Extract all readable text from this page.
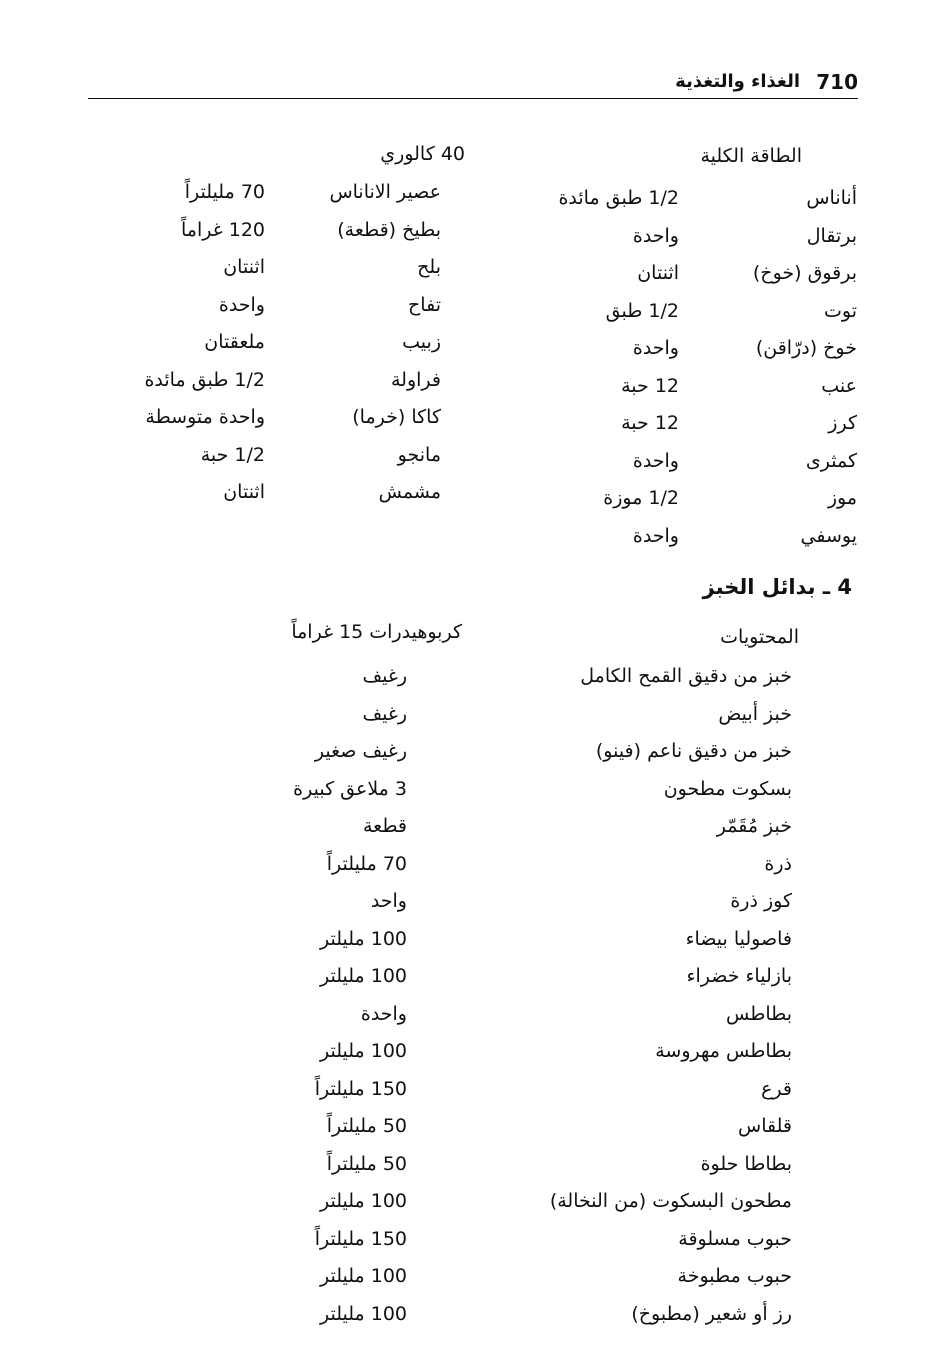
710
الغذاء والتغذية
الطاقة الكلية
40 كالوري
أناناس
1/2 طبق مائدة
برتقال
واحدة
برقوق (خوخ)
اثنتان
توت
1/2 طبق
خوخ (درّاقن)
واحدة
عنب
12 حبة
كرز
12 حبة
كمثرى
واحدة
موز
1/2 موزة
يوسفي
واحدة
عصير الاناناس
70 مليلتراً
بطيخ (قطعة)
120 غراماً
بلح
اثنتان
تفاح
واحدة
زبيب
ملعقتان
فراولة
1/2 طبق مائدة
كاكا (خرما)
واحدة متوسطة
مانجو
1/2 حبة
مشمش
اثنتان
4 ـ بدائل الخبز
المحتويات
كربوهيدرات 15 غراماً
خبز من دقيق القمح الكامل
رغيف
خبز أبيض
رغيف
خبز من دقيق ناعم (فينو)
رغيف صغير
بسكوت مطحون
3 ملاعق كبيرة
خبز مُقَمّر
قطعة
ذرة
70 مليلتراً
كوز ذرة
واحد
فاصوليا بيضاء
100 مليلتر
بازلياء خضراء
100 مليلتر
بطاطس
واحدة
بطاطس مهروسة
100 مليلتر
قرع
150 مليلتراً
قلقاس
50 مليلتراً
بطاطا حلوة
50 مليلتراً
مطحون البسكوت (من النخالة)
100 مليلتر
حبوب مسلوقة
150 مليلتراً
حبوب مطبوخة
100 مليلتر
رز أو شعير (مطبوخ)
100 مليلتر
